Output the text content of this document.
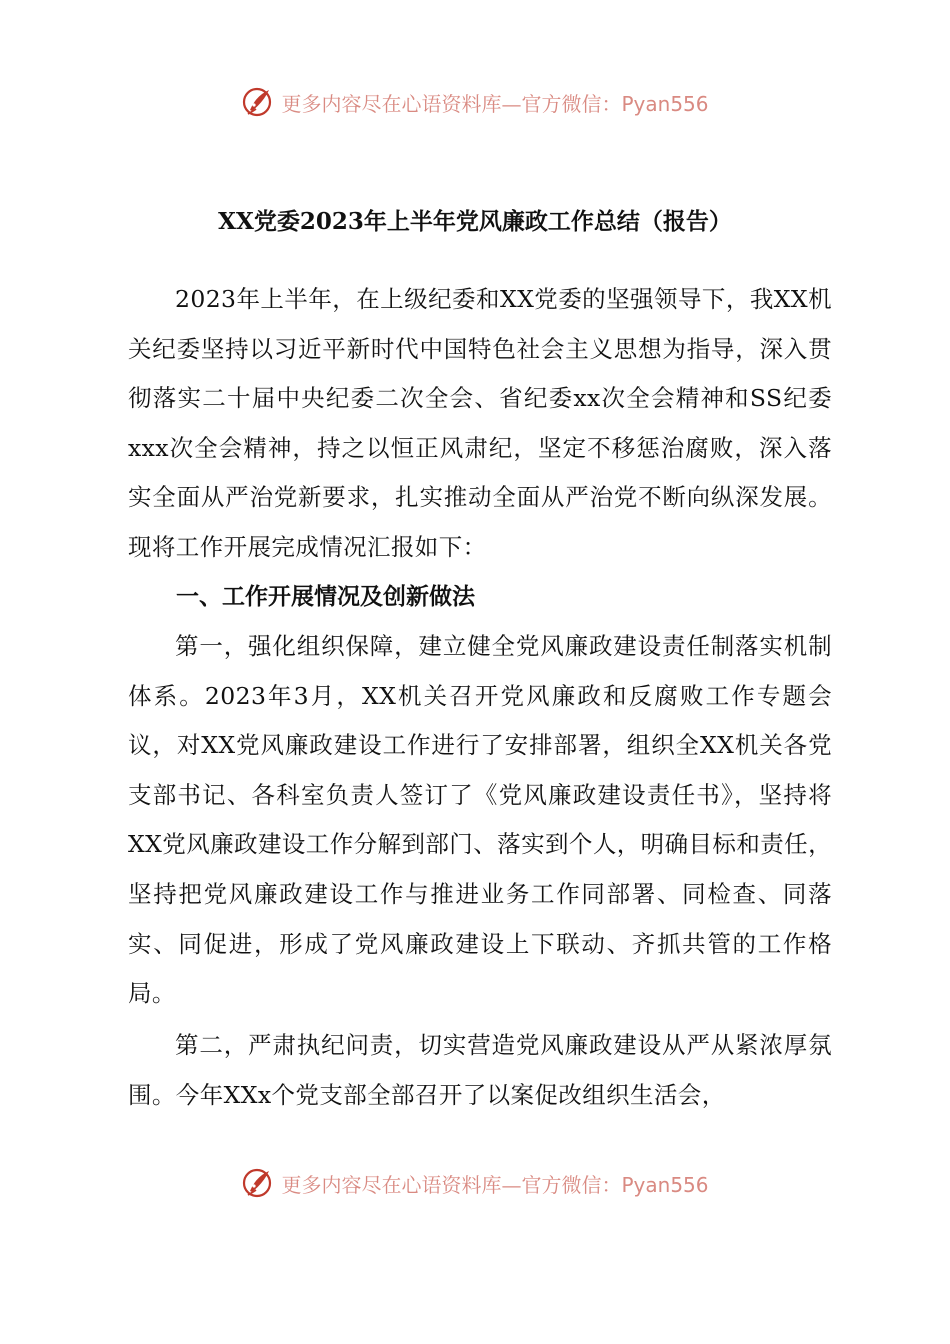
更多内容尽在心语资料库—官方微信：Pyan556
XX党委2023年上半年党风廉政工作总结（报告）

2023年上半年，在上级纪委和XX党委的坚强领导下，我XX机关纪委坚持以习近平新时代中国特色社会主义思想为指导，深入贯彻落实二十届中央纪委二次全会、省纪委xx次全会精神和SS纪委xxx次全会精神，持之以恒正风肃纪，坚定不移惩治腐败，深入落实全面从严治党新要求，扎实推动全面从严治党不断向纵深发展。现将工作开展完成情况汇报如下：

一、工作开展情况及创新做法

第一，强化组织保障，建立健全党风廉政建设责任制落实机制体系。2023年3月，XX机关召开党风廉政和反腐败工作专题会议，对XX党风廉政建设工作进行了安排部署，组织全XX机关各党支部书记、各科室负责人签订了《党风廉政建设责任书》，坚持将XX党风廉政建设工作分解到部门、落实到个人，明确目标和责任，坚持把党风廉政建设工作与推进业务工作同部署、同检查、同落实、同促进，形成了党风廉政建设上下联动、齐抓共管的工作格局。

第二，严肃执纪问责，切实营造党风廉政建设从严从紧浓厚氛围。今年XXx个党支部全部召开了以案促改组织生活会，

更多内容尽在心语资料库—官方微信：Pyan556
